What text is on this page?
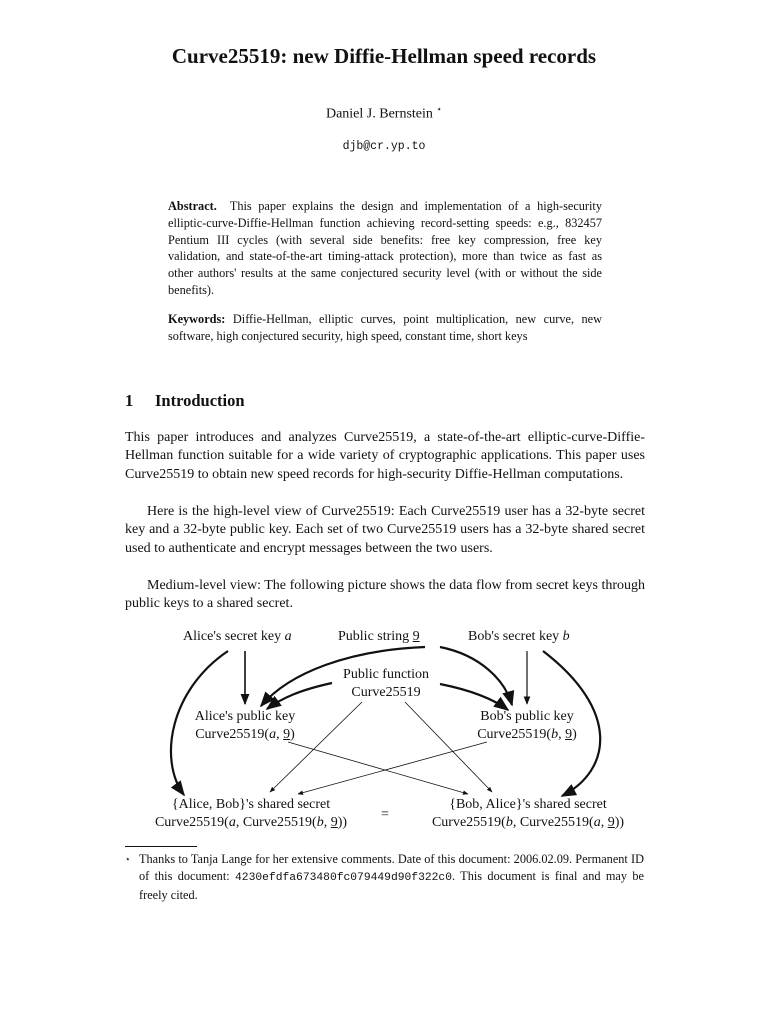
Curve25519: new Diffie-Hellman speed records
Daniel J. Bernstein ⋆
djb@cr.yp.to
Abstract. This paper explains the design and implementation of a high-security elliptic-curve-Diffie-Hellman function achieving record-setting speeds: e.g., 832457 Pentium III cycles (with several side benefits: free key compression, free key validation, and state-of-the-art timing-attack protection), more than twice as fast as other authors' results at the same conjectured security level (with or without the side benefits).
Keywords: Diffie-Hellman, elliptic curves, point multiplication, new curve, new software, high conjectured security, high speed, constant time, short keys
1 Introduction

This paper introduces and analyzes Curve25519, a state-of-the-art elliptic-curve-Diffie-Hellman function suitable for a wide variety of cryptographic applications. This paper uses Curve25519 to obtain new speed records for high-security Diffie-Hellman computations.

Here is the high-level view of Curve25519: Each Curve25519 user has a 32-byte secret key and a 32-byte public key. Each set of two Curve25519 users has a 32-byte shared secret used to authenticate and encrypt messages between the two users.

Medium-level view: The following picture shows the data flow from secret keys through public keys to a shared secret.

Alice's secret key a	Public string 9	Bob's secret key b
Public function
Curve25519
Alice's public key
Curve25519(a, 9)
Bob's public key
Curve25519(b, 9)
{Alice, Bob}'s shared secret
Curve25519(a, Curve25519(b, 9))
=
{Bob, Alice}'s shared secret
Curve25519(b, Curve25519(a, 9))
⋆ Thanks to Tanja Lange for her extensive comments. Date of this document: 2006.02.09. Permanent ID of this document: 4230efdfa673480fc079449d90f322c0. This document is final and may be freely cited.
